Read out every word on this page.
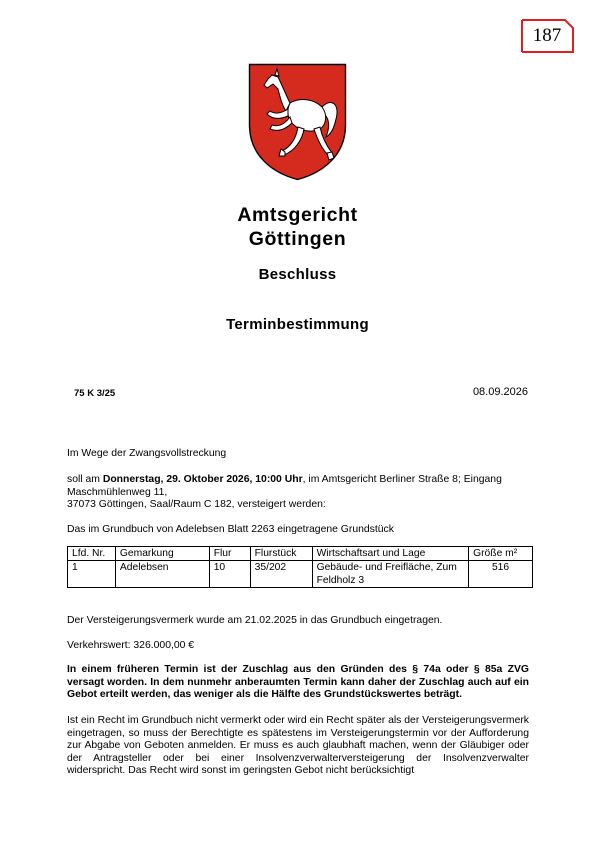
187
Amtsgericht
Göttingen
Beschluss
Terminbestimmung
75 K 3/25	08.09.2026
Im Wege der Zwangsvollstreckung
soll am Donnerstag, 29. Oktober 2026, 10:00 Uhr, im Amtsgericht Berliner Straße 8; Eingang Maschmühlenweg 11,
37073 Göttingen, Saal/Raum C 182, versteigert werden:
Das im Grundbuch von Adelebsen Blatt 2263 eingetragene Grundstück
Lfd. Nr.	Gemarkung	Flur	Flurstück	Wirtschaftsart und Lage	Größe m²
1	Adelebsen	10	35/202	Gebäude- und Freifläche, Zum Feldholz 3	516
Der Versteigerungsvermerk wurde am 21.02.2025 in das Grundbuch eingetragen.
Verkehrswert: 326.000,00 €
In einem früheren Termin ist der Zuschlag aus den Gründen des § 74a oder § 85a ZVG versagt worden. In dem nunmehr anberaumten Termin kann daher der Zuschlag auch auf ein Gebot erteilt werden, das weniger als die Hälfte des Grundstückswertes beträgt.
Ist ein Recht im Grundbuch nicht vermerkt oder wird ein Recht später als der Versteigerungsvermerk eingetragen, so muss der Berechtigte es spätestens im Versteigerungstermin vor der Aufforderung zur Abgabe von Geboten anmelden. Er muss es auch glaubhaft machen, wenn der Gläubiger oder der Antragsteller oder bei einer Insolvenzverwalterversteigerung der Insolvenzverwalter widerspricht. Das Recht wird sonst im geringsten Gebot nicht berücksichtigt
